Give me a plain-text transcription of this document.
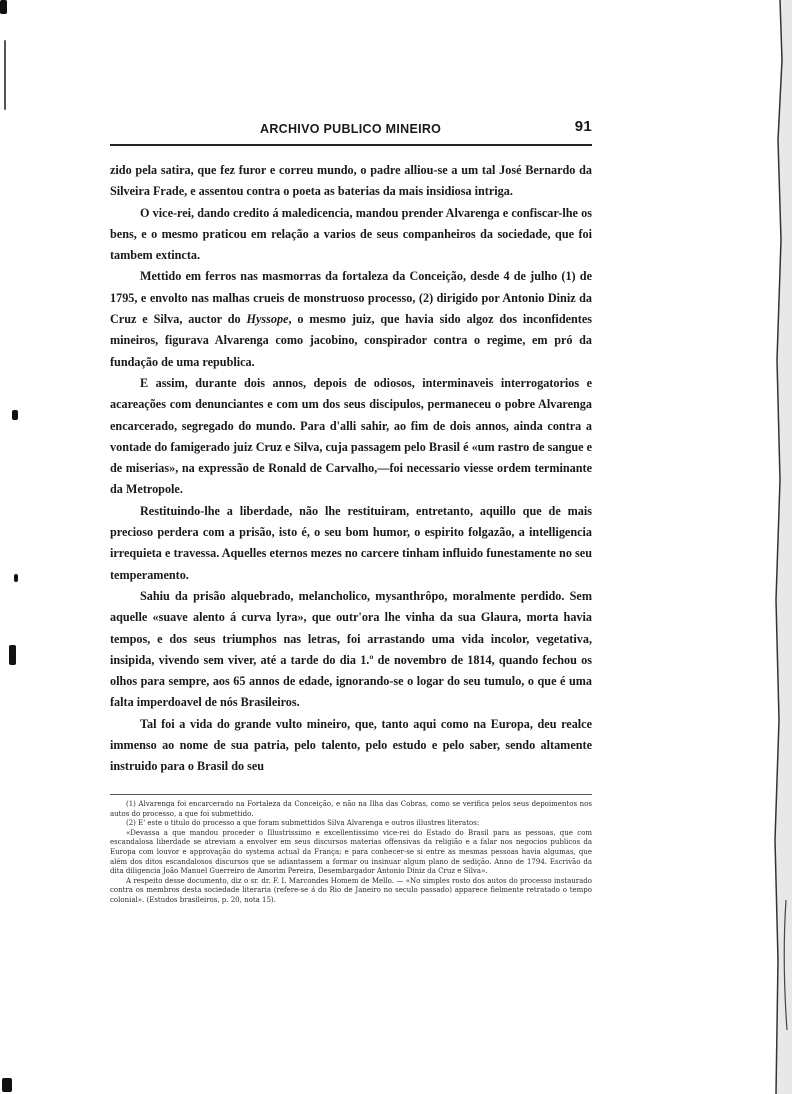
ARCHIVO PUBLICO MINEIRO	91

zido pela satira, que fez furor e correu mundo, o padre alliou-se a um tal José Bernardo da Silveira Frade, e assentou contra o poeta as baterias da mais insidiosa intriga.

O vice-rei, dando credito á maledicencia, mandou prender Alvarenga e confiscar-lhe os bens, e o mesmo praticou em relação a varios de seus companheiros da sociedade, que foi tambem extincta.

Mettido em ferros nas masmorras da fortaleza da Conceição, desde 4 de julho (1) de 1795, e envolto nas malhas crueis de monstruoso processo, (2) dirigido por Antonio Diniz da Cruz e Silva, auctor do Hyssope, o mesmo juiz, que havia sido algoz dos inconfidentes mineiros, figurava Alvarenga como jacobino, conspirador contra o regime, em pró da fundação de uma republica.

E assim, durante dois annos, depois de odiosos, interminaveis interrogatorios e acareações com denunciantes e com um dos seus discipulos, permaneceu o pobre Alvarenga encarcerado, segregado do mundo. Para d'alli sahir, ao fim de dois annos, ainda contra a vontade do famigerado juiz Cruz e Silva, cuja passagem pelo Brasil é «um rastro de sangue e de miserias», na expressão de Ronald de Carvalho,—foi necessario viesse ordem terminante da Metropole.

Restituindo-lhe a liberdade, não lhe restituiram, entretanto, aquillo que de mais precioso perdera com a prisão, isto é, o seu bom humor, o espirito folgazão, a intelligencia irrequieta e travessa. Aquelles eternos mezes no carcere tinham influido funestamente no seu temperamento.

Sahiu da prisão alquebrado, melancholico, mysanthrôpo, moralmente perdido. Sem aquelle «suave alento á curva lyra», que outr'ora lhe vinha da sua Glaura, morta havia tempos, e dos seus triumphos nas letras, foi arrastando uma vida incolor, vegetativa, insipida, vivendo sem viver, até a tarde do dia 1.º de novembro de 1814, quando fechou os olhos para sempre, aos 65 annos de edade, ignorando-se o logar do seu tumulo, o que é uma falta imperdoavel de nós Brasileiros.

Tal foi a vida do grande vulto mineiro, que, tanto aqui como na Europa, deu realce immenso ao nome de sua patria, pelo talento, pelo estudo e pelo saber, sendo altamente instruido para o Brasil do seu

(1) Alvarenga foi encarcerado na Fortaleza da Conceição, e não na Ilha das Cobras, como se verifica pelos seus depoimentos nos autos do processo, a que foi submettido.

(2) E' este o titulo do processo a que foram submettidos Silva Alvarenga e outros illustres literatos:

«Devassa a que mandou proceder o Illustrissimo e excellentissimo vice-rei do Estado do Brasil para as pessoas, que com escandalosa liberdade se atreviam a envolver em seus discursos materias offensivas da religião e a falar nos negocios publicos da Europa com louvor e approvação do systema actual da França; e para conhecer-se si entre as mesmas pessoas havia algumas, que além dos ditos escandalosos discursos que se adiantassem a formar ou insinuar algum plano de sedição. Anno de 1794. Escrivão da dita diligencia João Manuel Guerreiro de Amorim Pereira, Desembargador Antonio Diniz da Cruz e Silva».

A respeito desse documento, diz o sr. dr. F. I. Marcondes Homem de Mello. — «No simples rosto dos autos do processo instaurado contra os membros desta sociedade literaria (refere-se á do Rio de Janeiro no seculo passado) apparece fielmente retratado o tempo colonial». (Estudos brasileiros, p. 20, nota 15).
